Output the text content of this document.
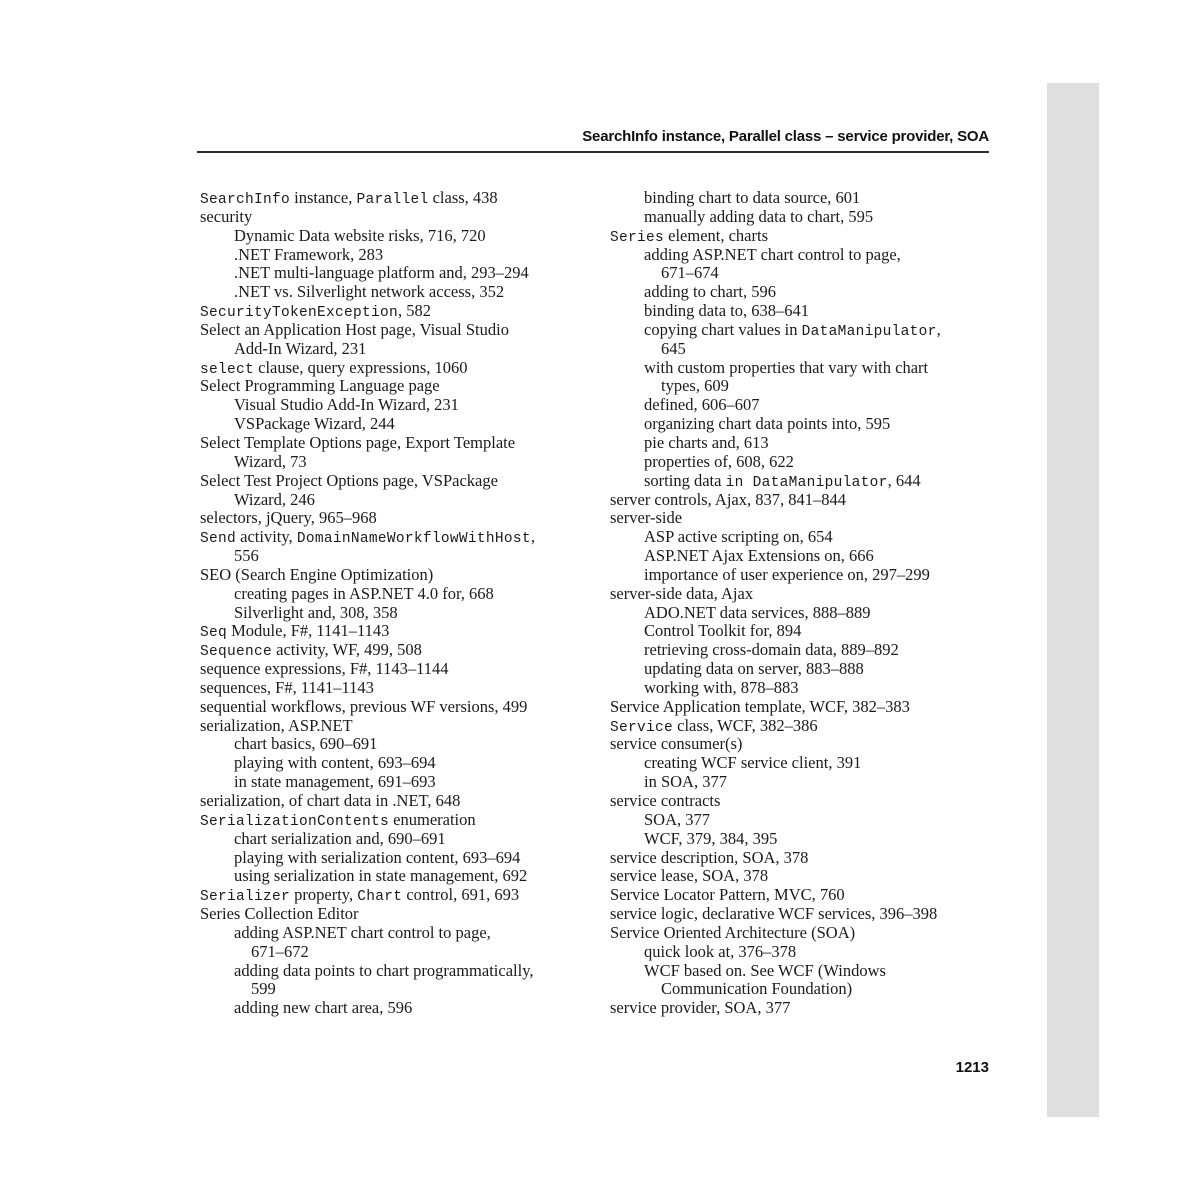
SearchInfo instance, Parallel class – service provider, SOA
SearchInfo instance, Parallel class, 438
security
Dynamic Data website risks, 716, 720
.NET Framework, 283
.NET multi-language platform and, 293–294
.NET vs. Silverlight network access, 352
SecurityTokenException, 582
Select an Application Host page, Visual Studio
Add-In Wizard, 231
select clause, query expressions, 1060
Select Programming Language page
Visual Studio Add-In Wizard, 231
VSPackage Wizard, 244
Select Template Options page, Export Template
Wizard, 73
Select Test Project Options page, VSPackage
Wizard, 246
selectors, jQuery, 965–968
Send activity, DomainNameWorkflowWithHost,
556
SEO (Search Engine Optimization)
creating pages in ASP.NET 4.0 for, 668
Silverlight and, 308, 358
Seq Module, F#, 1141–1143
Sequence activity, WF, 499, 508
sequence expressions, F#, 1143–1144
sequences, F#, 1141–1143
sequential workflows, previous WF versions, 499
serialization, ASP.NET
chart basics, 690–691
playing with content, 693–694
in state management, 691–693
serialization, of chart data in .NET, 648
SerializationContents enumeration
chart serialization and, 690–691
playing with serialization content, 693–694
using serialization in state management, 692
Serializer property, Chart control, 691, 693
Series Collection Editor
adding ASP.NET chart control to page,
671–672
adding data points to chart programmatically,
599
adding new chart area, 596
binding chart to data source, 601
manually adding data to chart, 595
Series element, charts
adding ASP.NET chart control to page,
671–674
adding to chart, 596
binding data to, 638–641
copying chart values in DataManipulator,
645
with custom properties that vary with chart
types, 609
defined, 606–607
organizing chart data points into, 595
pie charts and, 613
properties of, 608, 622
sorting data in DataManipulator, 644
server controls, Ajax, 837, 841–844
server-side
ASP active scripting on, 654
ASP.NET Ajax Extensions on, 666
importance of user experience on, 297–299
server-side data, Ajax
ADO.NET data services, 888–889
Control Toolkit for, 894
retrieving cross-domain data, 889–892
updating data on server, 883–888
working with, 878–883
Service Application template, WCF, 382–383
Service class, WCF, 382–386
service consumer(s)
creating WCF service client, 391
in SOA, 377
service contracts
SOA, 377
WCF, 379, 384, 395
service description, SOA, 378
service lease, SOA, 378
Service Locator Pattern, MVC, 760
service logic, declarative WCF services, 396–398
Service Oriented Architecture (SOA)
quick look at, 376–378
WCF based on. See WCF (Windows
Communication Foundation)
service provider, SOA, 377
1213
